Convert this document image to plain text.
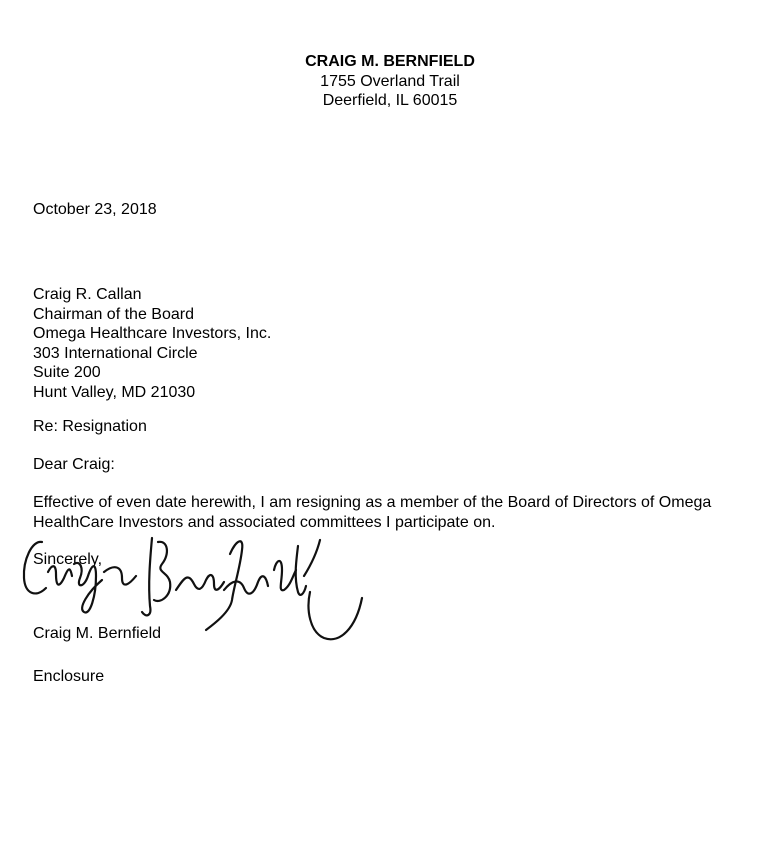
CRAIG M. BERNFIELD
1755 Overland Trail
Deerfield, IL 60015
October 23, 2018
Craig R. Callan
Chairman of the Board
Omega Healthcare Investors, Inc.
303 International Circle
Suite 200
Hunt Valley, MD 21030
Re: Resignation
Dear Craig:
Effective of even date herewith, I am resigning as a member of the Board of Directors of Omega
HealthCare Investors and associated committees I participate on.
Sincerely,
Craig M. Bernfield
Enclosure
